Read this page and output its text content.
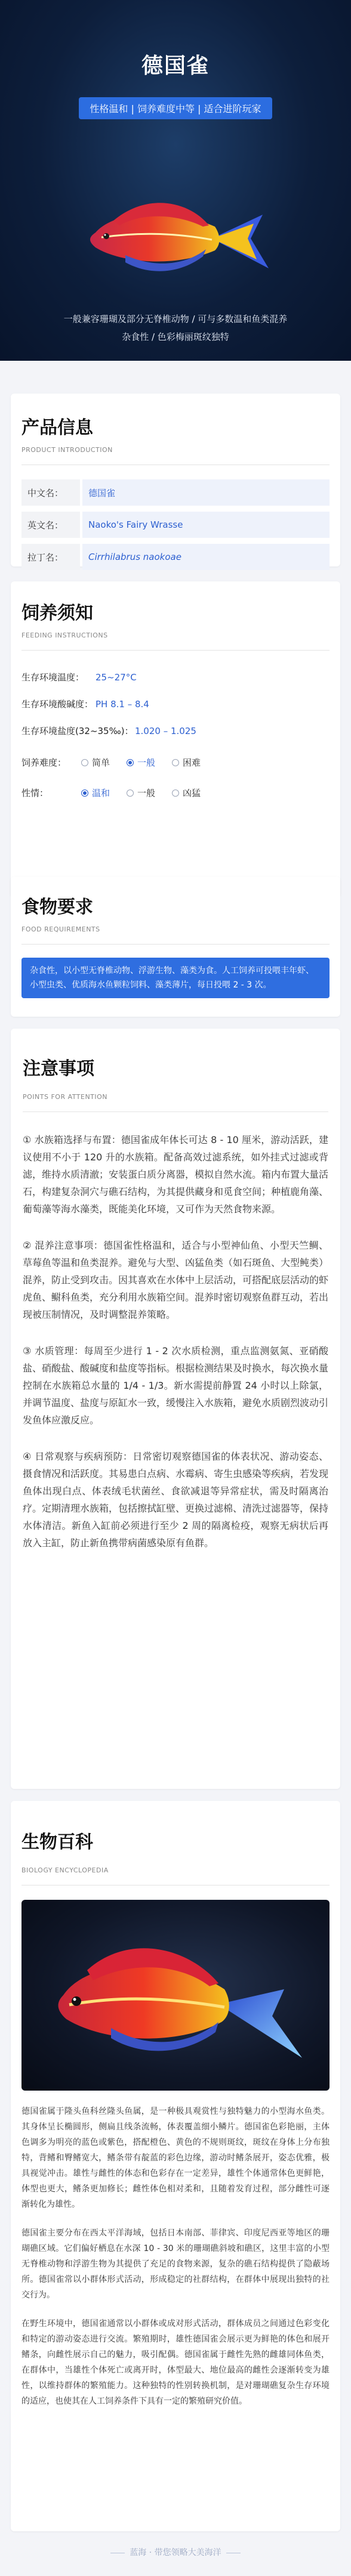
德国雀
性格温和 | 饲养难度中等 | 适合进阶玩家
一般兼容珊瑚及部分无脊椎动物 / 可与多数温和鱼类混养
杂食性 / 色彩梅丽斑纹独特
产品信息
PRODUCT INTRODUCTION
中文名：	德国雀
英文名：	Naoko's Fairy Wrasse
拉丁名：	Cirrhilabrus naokoae
饲养须知
FEEDING INSTRUCTIONS
生存环境温度：	25~27°C
生存环境酸碱度： PH 8.1 – 8.4
生存环境盐度(32~35‰)： 1.020 – 1.025
饲养难度：	简单	一般	困难
性情：	温和	一般	凶猛
食物要求
FOOD REQUIREMENTS
杂食性，以小型无脊椎动物、浮游生物、藻类为食。人工饲养可投喂丰年虾、小型虫类、优质海水鱼颗粒饲料、藻类薄片，每日投喂 2 - 3 次。
注意事项
POINTS FOR ATTENTION
① 水族箱选择与布置：德国雀成年体长可达 8 - 10 厘米，游动活跃，建议使用不小于 120 升的水族箱。配备高效过滤系统，如外挂式过滤或背滤，维持水质清澈；安装蛋白质分离器，模拟自然水流。箱内布置大量活石，构建复杂洞穴与礁石结构，为其提供藏身和觅食空间；种植鹿角藻、葡萄藻等海水藻类，既能美化环境，又可作为天然食物来源。
② 混养注意事项：德国雀性格温和，适合与小型神仙鱼、小型天竺鲷、草莓鱼等温和鱼类混养。避免与大型、凶猛鱼类（如石斑鱼、大型鲀类）混养，防止受到攻击。因其喜欢在水体中上层活动，可搭配底层活动的虾虎鱼、鳚科鱼类，充分利用水族箱空间。混养时密切观察鱼群互动，若出现被压制情况，及时调整混养策略。
③ 水质管理：每周至少进行 1 - 2 次水质检测，重点监测氨氮、亚硝酸盐、硝酸盐、酸碱度和盐度等指标。根据检测结果及时换水，每次换水量控制在水族箱总水量的 1/4 - 1/3。新水需提前静置 24 小时以上除氯，并调节温度、盐度与原缸水一致，缓慢注入水族箱，避免水质剧烈波动引发鱼体应激反应。
④ 日常观察与疾病预防：日常密切观察德国雀的体表状况、游动姿态、摄食情况和活跃度。其易患白点病、水霉病、寄生虫感染等疾病，若发现鱼体出现白点、体表绒毛状菌丝、食欲减退等异常症状，需及时隔离治疗。定期清理水族箱，包括擦拭缸壁、更换过滤棉、清洗过滤器等，保持水体清洁。新鱼入缸前必须进行至少 2 周的隔离检疫，观察无病状后再放入主缸，防止新鱼携带病菌感染原有鱼群。
生物百科
BIOLOGY ENCYCLOPEDIA
德国雀属于隆头鱼科丝隆头鱼属，是一种极具观赏性与独特魅力的小型海水鱼类。其身体呈长椭圆形，侧扁且线条流畅，体表覆盖细小鳞片。德国雀色彩艳丽，主体色调多为明亮的蓝色或紫色，搭配橙色、黄色的不规则斑纹，斑纹在身体上分布独特，背鳍和臀鳍宽大，鳍条带有靛蓝的彩色边缘，游动时鳍条展开，姿态优雅，极具视觉冲击。雄性与雌性的体态和色彩存在一定差异，雄性个体通常体色更鲜艳，体型也更大，鳍条更加修长；雌性体色相对柔和，且随着发育过程，部分雌性可逐渐转化为雄性。
德国雀主要分布在西太平洋海域，包括日本南部、菲律宾、印度尼西亚等地区的珊瑚礁区域。它们偏好栖息在水深 10 - 30 米的珊瑚礁斜坡和礁区，这里丰富的小型无脊椎动物和浮游生物为其提供了充足的食物来源，复杂的礁石结构提供了隐蔽场所。德国雀常以小群体形式活动，形成稳定的社群结构，在群体中展现出独特的社交行为。
在野生环境中，德国雀通常以小群体或成对形式活动，群体成员之间通过色彩变化和特定的游动姿态进行交流。繁殖期时，雄性德国雀会展示更为鲜艳的体色和展开鳍条，向雌性展示自己的魅力，吸引配偶。德国雀属于雌性先熟的雌雄同体鱼类，在群体中，当雄性个体死亡或离开时，体型最大、地位最高的雌性会逐渐转变为雄性，以维持群体的繁殖能力。这种独特的性别转换机制，是对珊瑚礁复杂生存环境的适应，也使其在人工饲养条件下具有一定的繁殖研究价值。
蓝海 · 带您领略大美海洋
